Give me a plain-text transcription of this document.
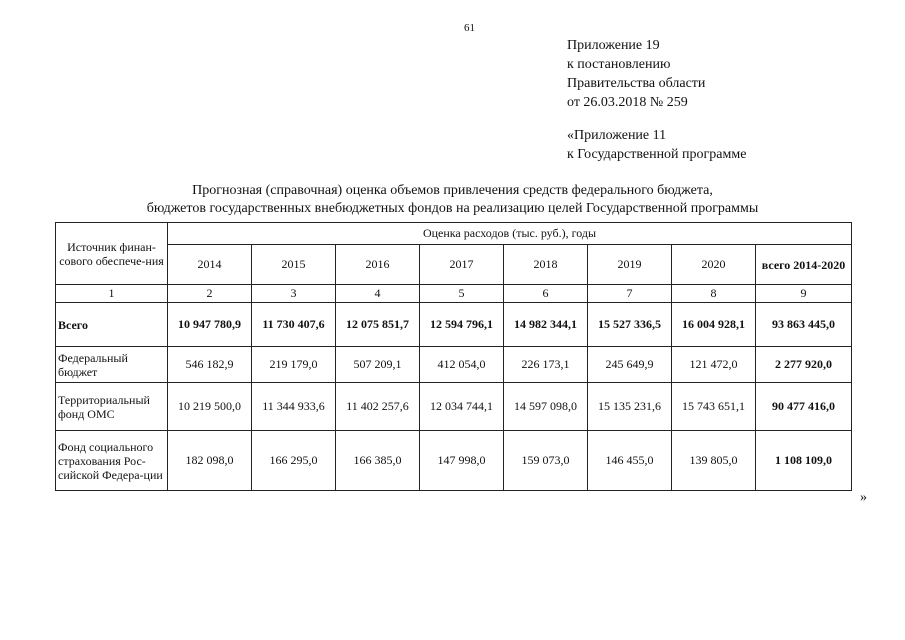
61
Приложение 19
к постановлению
Правительства области
от 26.03.2018 № 259
«Приложение 11
к Государственной программе
Прогнозная (справочная) оценка объемов привлечения средств федерального бюджета,
бюджетов государственных внебюджетных фондов на реализацию целей Государственной программы
Источник финан-сового обеспече-ния	Оценка расходов (тыс. руб.), годы							
	2014	2015	2016	2017	2018	2019	2020	всего 2014-2020
1	2	3	4	5	6	7	8	9
Всего	10 947 780,9	11 730 407,6	12 075 851,7	12 594 796,1	14 982 344,1	15 527 336,5	16 004 928,1	93 863 445,0
Федеральный бюджет	546 182,9	219 179,0	507 209,1	412 054,0	226 173,1	245 649,9	121 472,0	2 277 920,0
Территориальный фонд ОМС	10 219 500,0	11 344 933,6	11 402 257,6	12 034 744,1	14 597 098,0	15 135 231,6	15 743 651,1	90 477 416,0
Фонд социального страхования Рос-сийской Федера-ции	182 098,0	166 295,0	166 385,0	147 998,0	159 073,0	146 455,0	139 805,0	1 108 109,0
»
